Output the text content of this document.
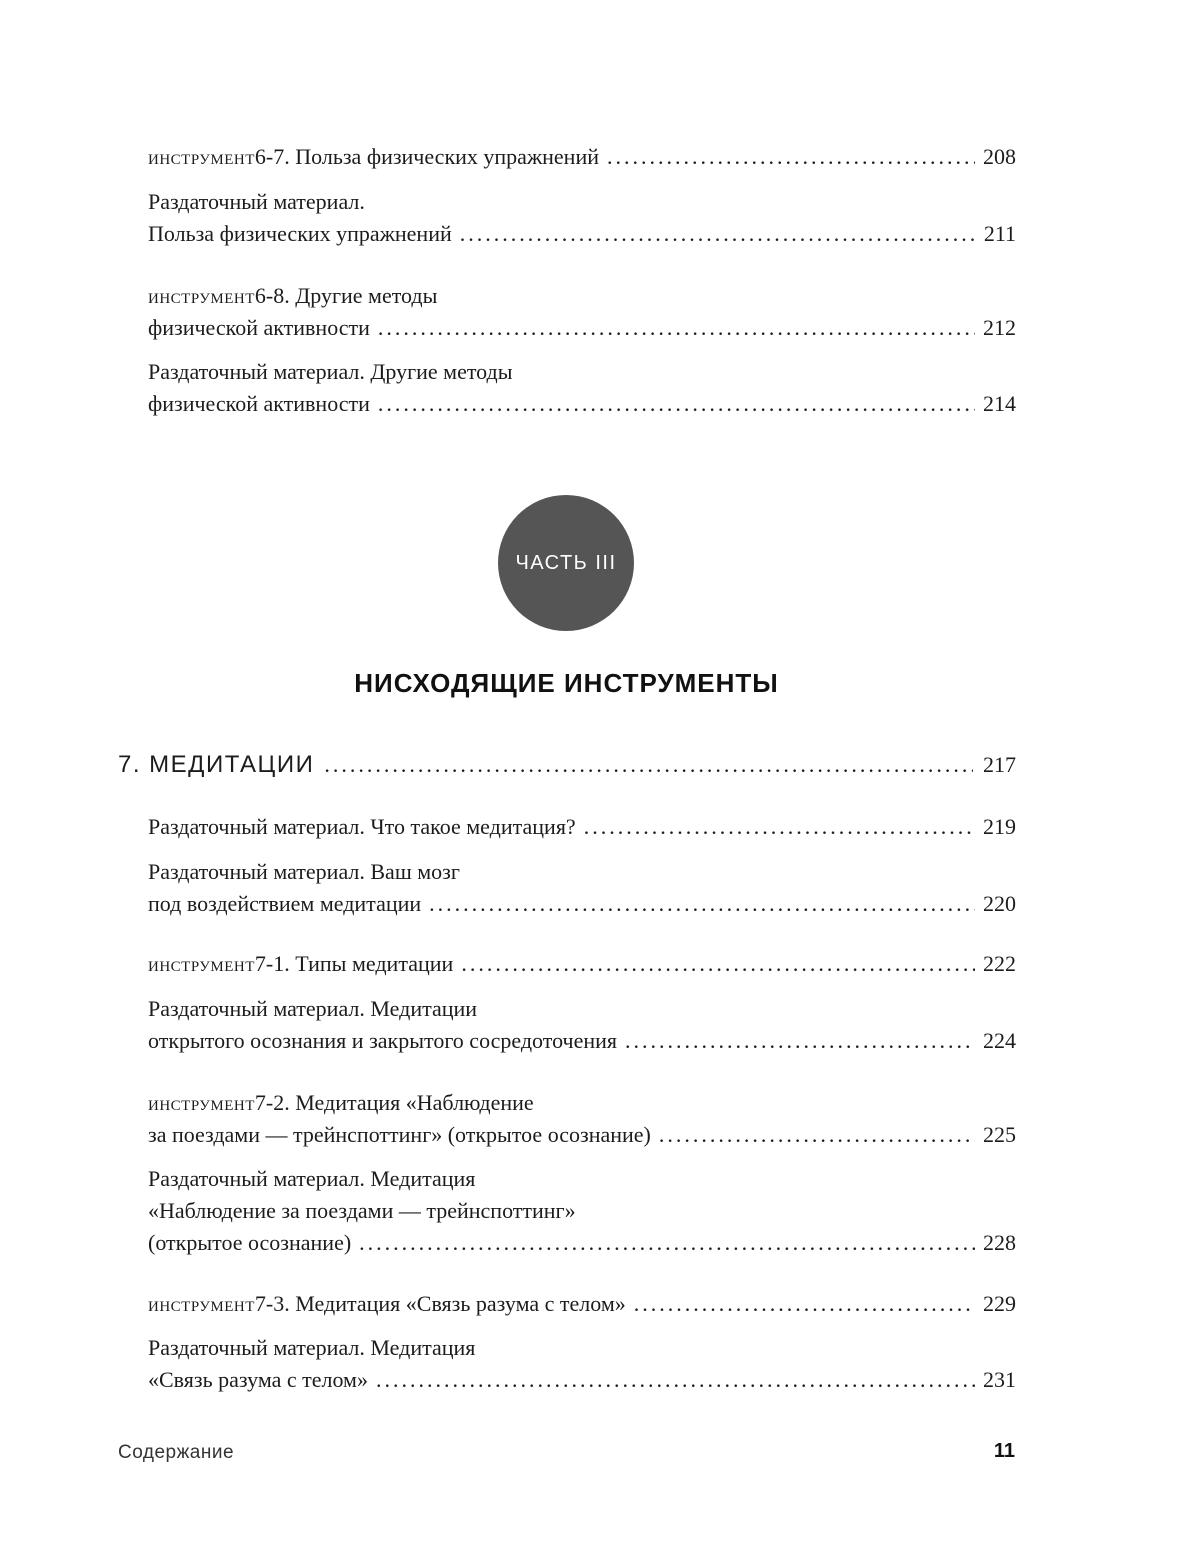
инструмент 6-7. Польза физических упражнений .....	208
Раздаточный материал.
Польза физических упражнений .....	211
инструмент 6-8. Другие методы
физической активности .....	212
Раздаточный материал. Другие методы
физической активности .....	214
ЧАСТЬ III
НИСХОДЯЩИЕ ИНСТРУМЕНТЫ
7. МЕДИТАЦИИ .....	217
Раздаточный материал. Что такое медитация? .....	219
Раздаточный материал. Ваш мозг
под воздействием медитации .....	220
инструмент 7-1. Типы медитации .....	222
Раздаточный материал. Медитации
открытого осознания и закрытого сосредоточения .....	224
инструмент 7-2. Медитация «Наблюдение
за поездами — трейнспоттинг» (открытое осознание) .....	225
Раздаточный материал. Медитация
«Наблюдение за поездами — трейнспоттинг»
(открытое осознание) .....	228
инструмент 7-3. Медитация «Связь разума с телом» .....	229
Раздаточный материал. Медитация
«Связь разума с телом» .....	231
Содержание	11
